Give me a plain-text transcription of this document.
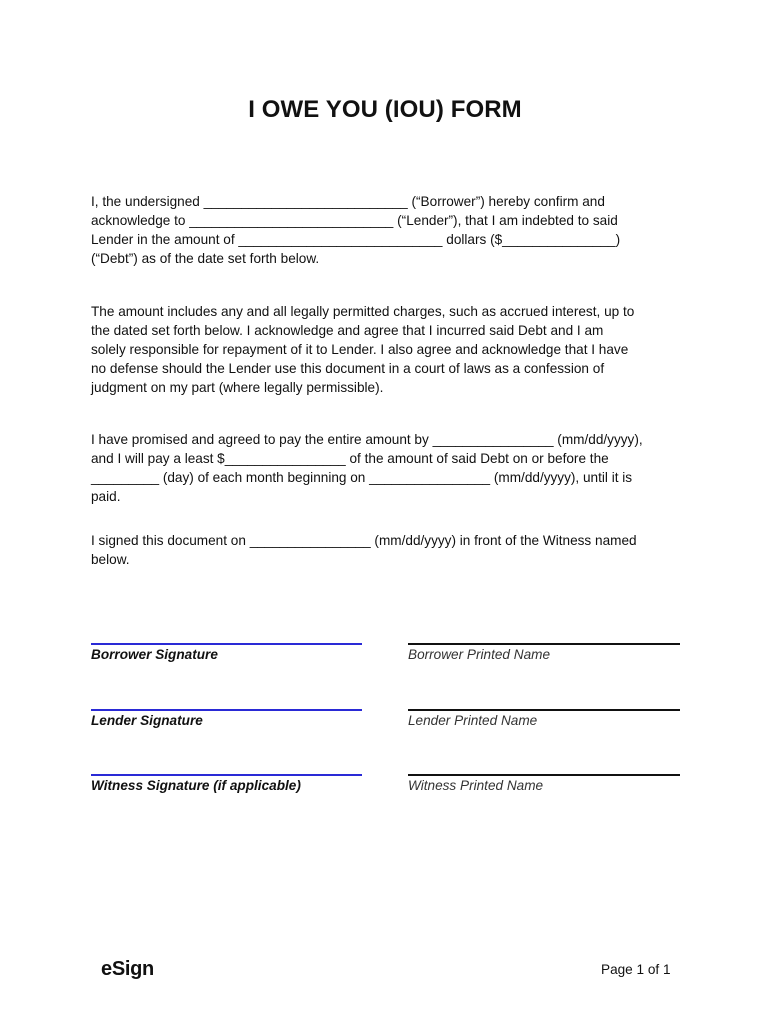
I OWE YOU (IOU) FORM
I, the undersigned ___________________________ (“Borrower”) hereby confirm and
acknowledge to ___________________________ (“Lender”), that I am indebted to said
Lender in the amount of ___________________________ dollars ($_______________)
(“Debt”) as of the date set forth below.
The amount includes any and all legally permitted charges, such as accrued interest, up to
the dated set forth below. I acknowledge and agree that I incurred said Debt and I am
solely responsible for repayment of it to Lender. I also agree and acknowledge that I have
no defense should the Lender use this document in a court of laws as a confession of
judgment on my part (where legally permissible).
I have promised and agreed to pay the entire amount by ________________ (mm/dd/yyyy),
and I will pay a least $________________ of the amount of said Debt on or before the
_________ (day) of each month beginning on ________________ (mm/dd/yyyy), until it is
paid.
I signed this document on ________________ (mm/dd/yyyy) in front of the Witness named
below.
Borrower Signature	Borrower Printed Name
Lender Signature	Lender Printed Name
Witness Signature (if applicable)	Witness Printed Name
eSign	Page 1 of 1
